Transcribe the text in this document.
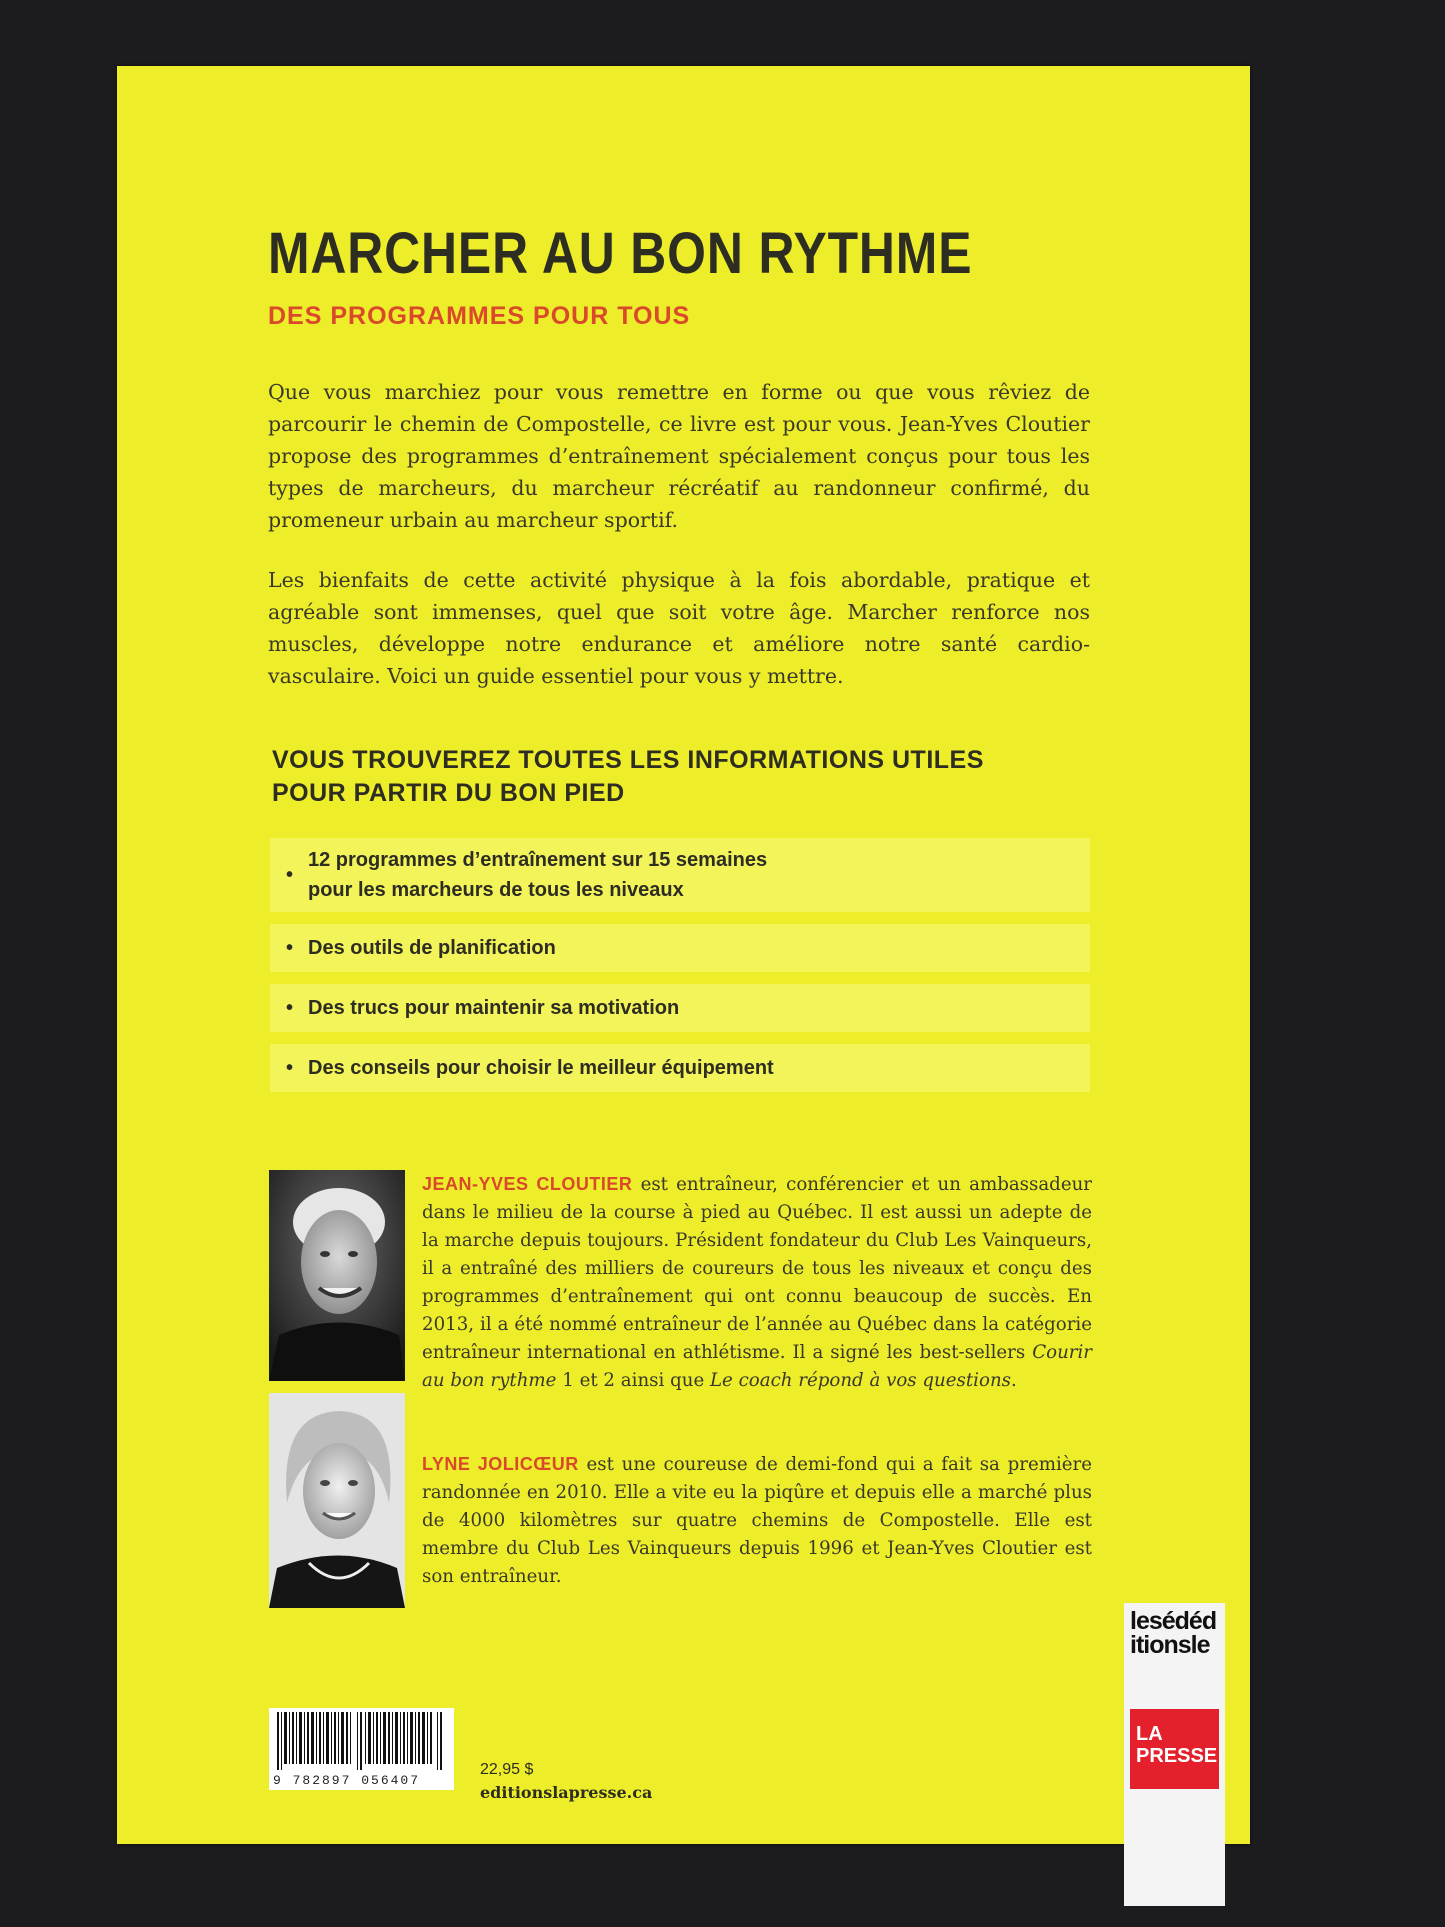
MARCHER AU BON RYTHME
DES PROGRAMMES POUR TOUS
Que vous marchiez pour vous remettre en forme ou que vous rêviez de parcourir le chemin de Compostelle, ce livre est pour vous. Jean-Yves Cloutier propose des programmes d’entraînement spécialement conçus pour tous les types de marcheurs, du marcheur récréatif au randonneur confirmé, du promeneur urbain au marcheur sportif.
Les bienfaits de cette activité physique à la fois abordable, pratique et agréable sont immenses, quel que soit votre âge. Marcher renforce nos muscles, développe notre endurance et améliore notre santé cardio-vasculaire. Voici un guide essentiel pour vous y mettre.
VOUS TROUVEREZ TOUTES LES INFORMATIONS UTILES
POUR PARTIR DU BON PIED
•
12 programmes d’entraînement sur 15 semaines
pour les marcheurs de tous les niveaux
• Des outils de planification
• Des trucs pour maintenir sa motivation
• Des conseils pour choisir le meilleur équipement
JEAN-YVES CLOUTIER est entraîneur, conférencier et un ambassadeur dans le milieu de la course à pied au Québec. Il est aussi un adepte de la marche depuis toujours. Président fondateur du Club Les Vainqueurs, il a entraîné des milliers de coureurs de tous les niveaux et conçu des programmes d’entraînement qui ont connu beaucoup de succès. En 2013, il a été nommé entraîneur de l’année au Québec dans la catégorie entraîneur international en athlétisme. Il a signé les best-sellers Courir au bon rythme 1 et 2 ainsi que Le coach répond à vos questions.
LYNE JOLICŒUR est une coureuse de demi-fond qui a fait sa première randonnée en 2010. Elle a vite eu la piqûre et depuis elle a marché plus de 4000 kilomètres sur quatre chemins de Compostelle. Elle est membre du Club Les Vainqueurs depuis 1996 et Jean-Yves Cloutier est son entraîneur.
9 782897 056407
22,95 $
editionslapresse.ca
lesédéditionsle
LA
PRESSE
